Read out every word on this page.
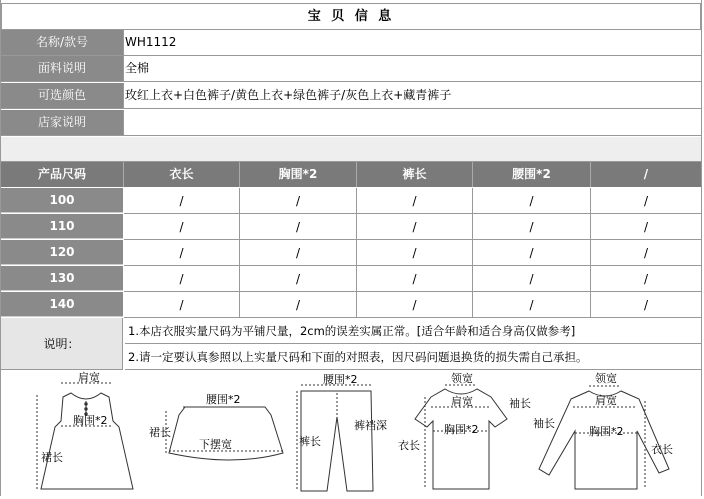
宝 贝 信 息
名称/款号	WH1112
面料说明	全棉
可选颜色	玫红上衣+白色裤子/黄色上衣+绿色裤子/灰色上衣+藏青裤子
店家说明
产品尺码	衣长	胸围*2	裤长	腰围*2	/
100	/	/	/	/	/
110	/	/	/	/	/
120	/	/	/	/	/
130	/	/	/	/	/
140	/	/	/	/	/
说明：
1.本店衣服实量尺码为平铺尺量，2cm的误差实属正常。[适合年龄和适合身高仅做参考]
2.请一定要认真参照以上实量尺码和下面的对照表，因尺码问题退换货的损失需自己承担。
肩宽
胸围*2
裙长
腰围*2
裙长
下摆宽
腰围*2
裤长
裤裆深
领宽
肩宽	袖长
胸围*2
衣长
领宽
肩宽
袖长
胸围*2
衣长
